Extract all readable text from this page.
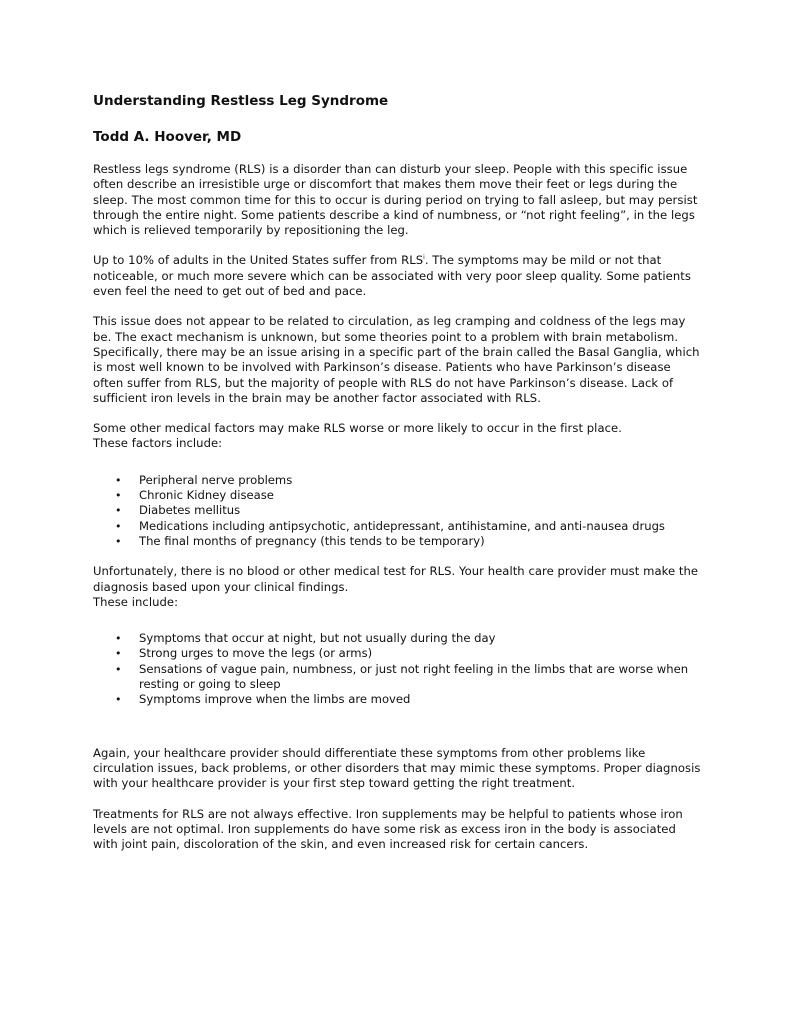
Understanding Restless Leg Syndrome
Todd A. Hoover, MD

Restless legs syndrome (RLS) is a disorder than can disturb your sleep. People with this specific issue often describe an irresistible urge or discomfort that makes them move their feet or legs during the sleep. The most common time for this to occur is during period on trying to fall asleep, but may persist through the entire night. Some patients describe a kind of numbness, or “not right feeling”, in the legs which is relieved temporarily by repositioning the leg.

Up to 10% of adults in the United States suffer from RLS$^i$. The symptoms may be mild or not that noticeable, or much more severe which can be associated with very poor sleep quality. Some patients even feel the need to get out of bed and pace.

This issue does not appear to be related to circulation, as leg cramping and coldness of the legs may be. The exact mechanism is unknown, but some theories point to a problem with brain metabolism. Specifically, there may be an issue arising in a specific part of the brain called the Basal Ganglia, which is most well known to be involved with Parkinson’s disease. Patients who have Parkinson’s disease often suffer from RLS, but the majority of people with RLS do not have Parkinson’s disease. Lack of sufficient iron levels in the brain may be another factor associated with RLS.

Some other medical factors may make RLS worse or more likely to occur in the first place.
These factors include:

• Peripheral nerve problems
• Chronic Kidney disease
• Diabetes mellitus
• Medications including antipsychotic, antidepressant, antihistamine, and anti-nausea drugs
• The final months of pregnancy (this tends to be temporary)

Unfortunately, there is no blood or other medical test for RLS. Your health care provider must make the diagnosis based upon your clinical findings.
These include:

• Symptoms that occur at night, but not usually during the day
• Strong urges to move the legs (or arms)
• Sensations of vague pain, numbness, or just not right feeling in the limbs that are worse when resting or going to sleep
• Symptoms improve when the limbs are moved

Again, your healthcare provider should differentiate these symptoms from other problems like circulation issues, back problems, or other disorders that may mimic these symptoms. Proper diagnosis with your healthcare provider is your first step toward getting the right treatment.

Treatments for RLS are not always effective. Iron supplements may be helpful to patients whose iron levels are not optimal. Iron supplements do have some risk as excess iron in the body is associated with joint pain, discoloration of the skin, and even increased risk for certain cancers.
